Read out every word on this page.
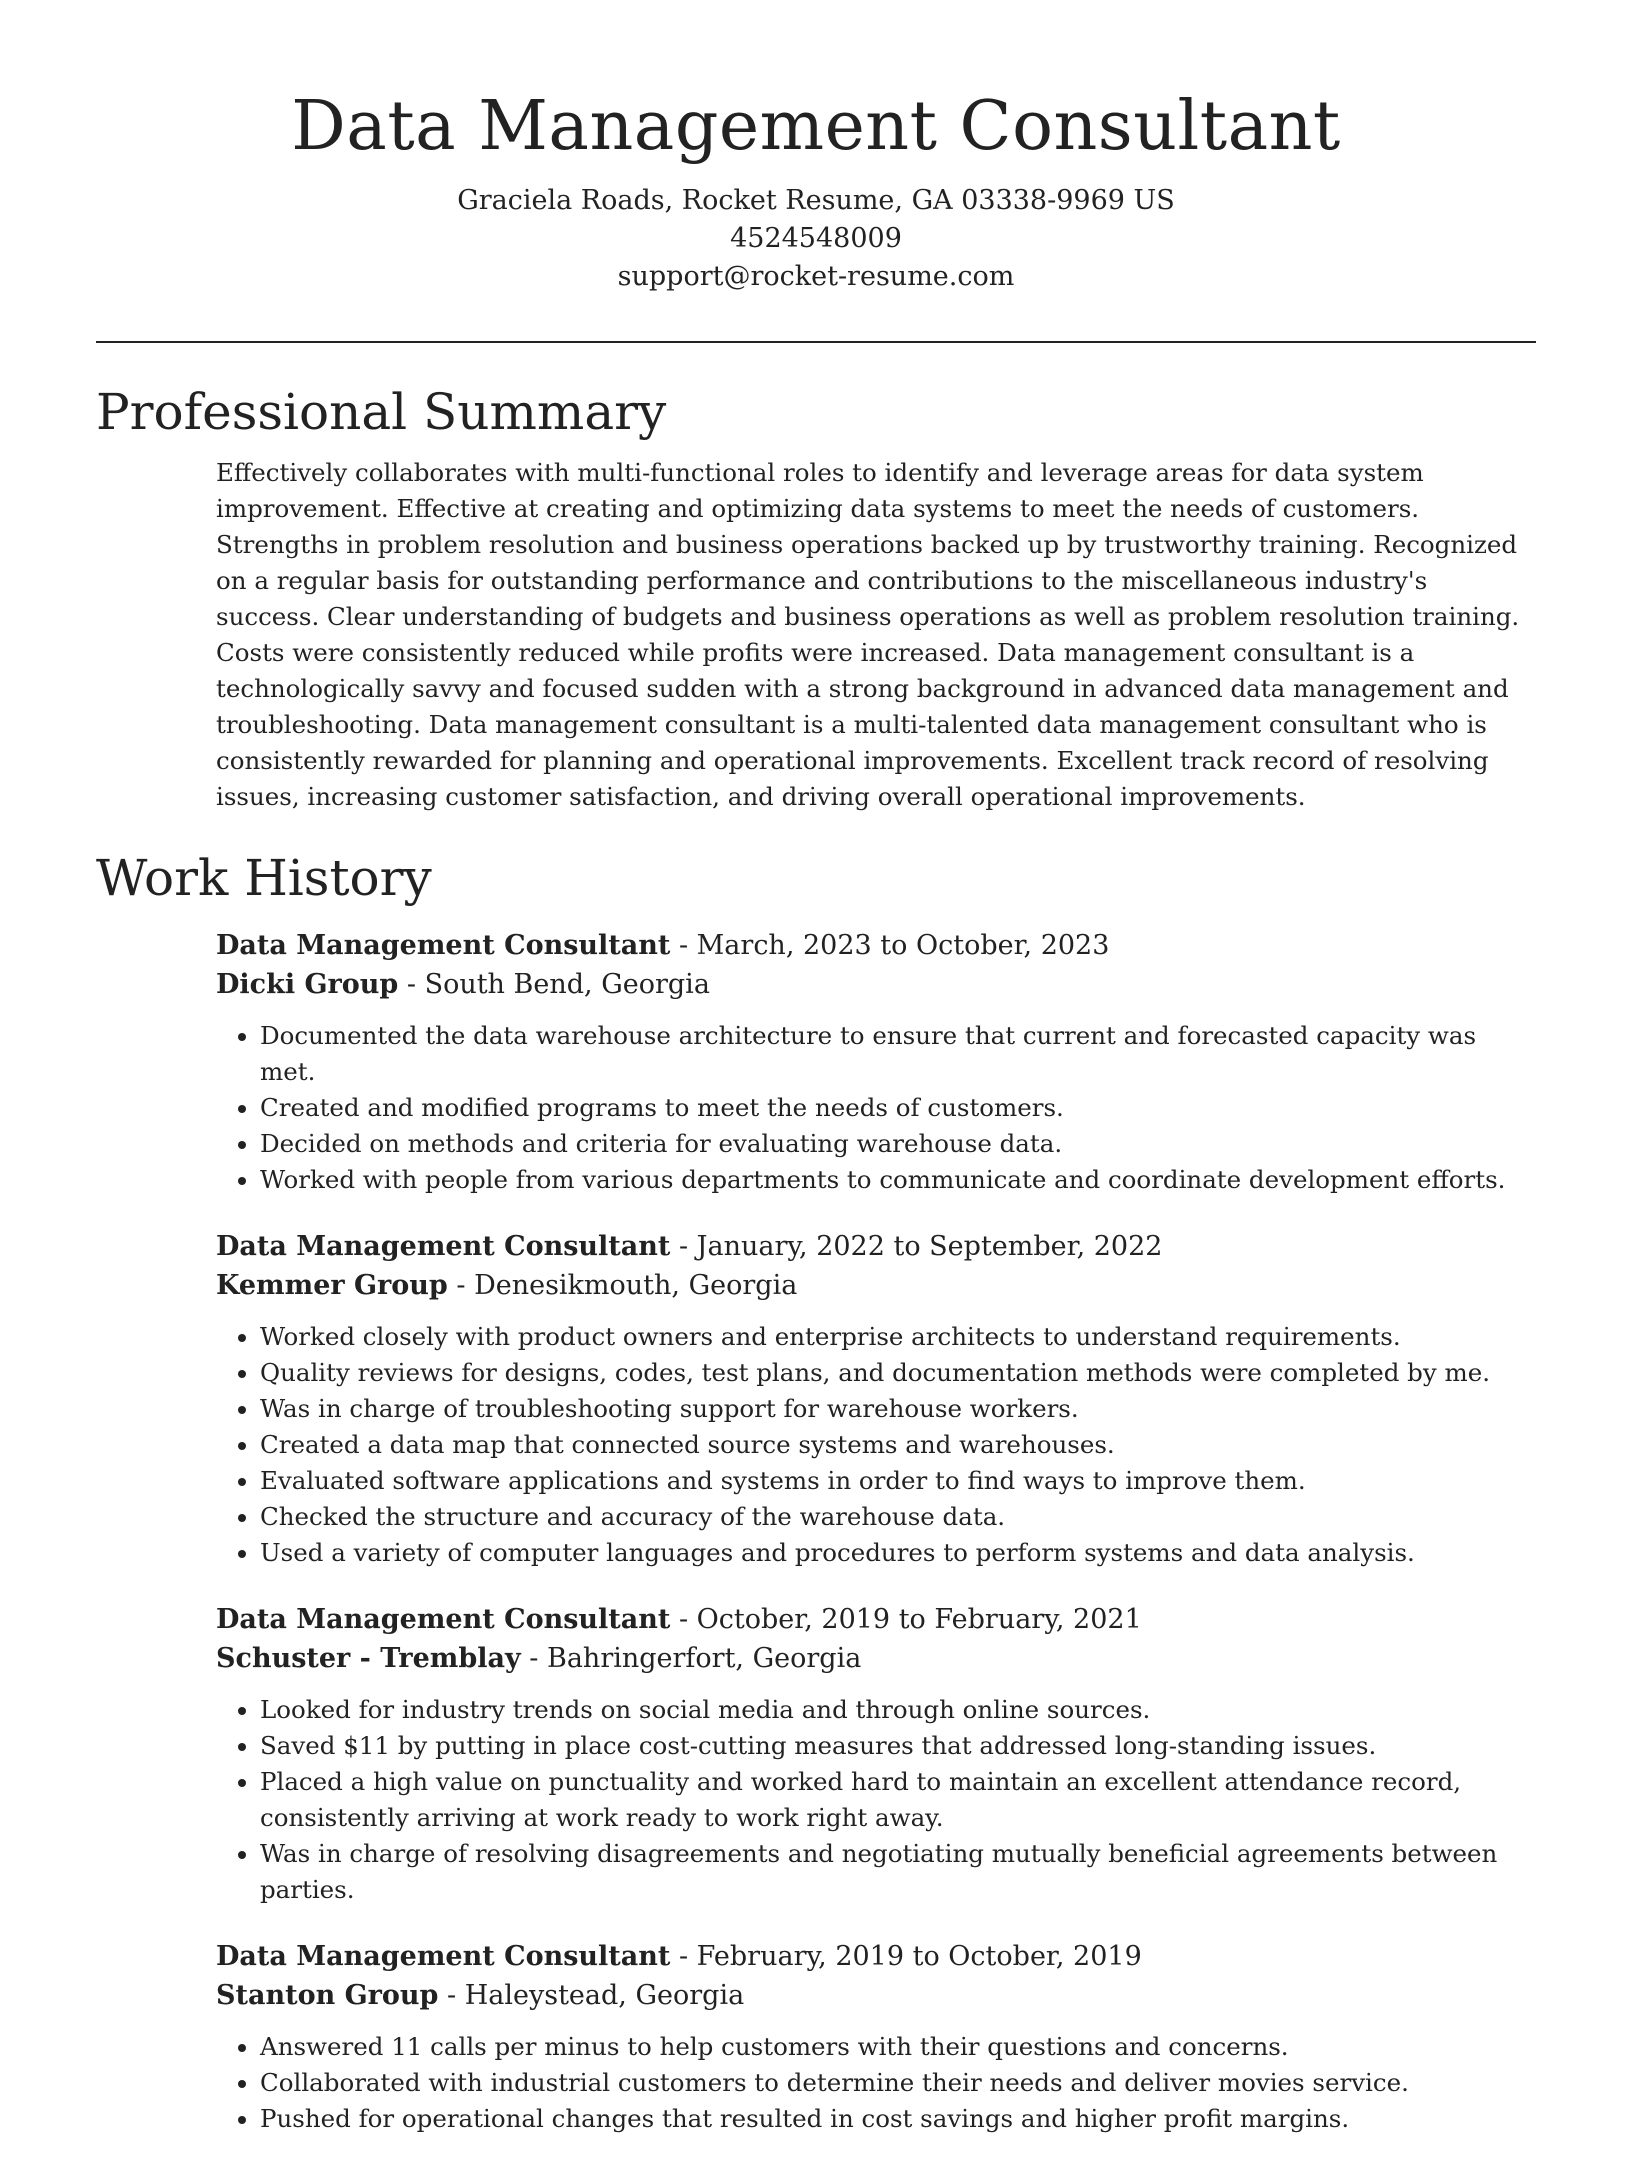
Data Management Consultant
Graciela Roads, Rocket Resume, GA 03338-9969 US
4524548009
support@rocket-resume.com
Professional Summary

Effectively collaborates with multi-functional roles to identify and leverage areas for data system improvement. Effective at creating and optimizing data systems to meet the needs of customers. Strengths in problem resolution and business operations backed up by trustworthy training. Recognized on a regular basis for outstanding performance and contributions to the miscellaneous industry's success. Clear understanding of budgets and business operations as well as problem resolution training. Costs were consistently reduced while profits were increased. Data management consultant is a technologically savvy and focused sudden with a strong background in advanced data management and troubleshooting. Data management consultant is a multi-talented data management consultant who is consistently rewarded for planning and operational improvements. Excellent track record of resolving issues, increasing customer satisfaction, and driving overall operational improvements.

Work History
Data Management Consultant - March, 2023 to October, 2023
Dicki Group - South Bend, Georgia
• Documented the data warehouse architecture to ensure that current and forecasted capacity was met.
• Created and modified programs to meet the needs of customers.
• Decided on methods and criteria for evaluating warehouse data.
• Worked with people from various departments to communicate and coordinate development efforts.
Data Management Consultant - January, 2022 to September, 2022
Kemmer Group - Denesikmouth, Georgia
• Worked closely with product owners and enterprise architects to understand requirements.
• Quality reviews for designs, codes, test plans, and documentation methods were completed by me.
• Was in charge of troubleshooting support for warehouse workers.
• Created a data map that connected source systems and warehouses.
• Evaluated software applications and systems in order to find ways to improve them.
• Checked the structure and accuracy of the warehouse data.
• Used a variety of computer languages and procedures to perform systems and data analysis.
Data Management Consultant - October, 2019 to February, 2021
Schuster - Tremblay - Bahringerfort, Georgia
• Looked for industry trends on social media and through online sources.
• Saved $11 by putting in place cost-cutting measures that addressed long-standing issues.
• Placed a high value on punctuality and worked hard to maintain an excellent attendance record, consistently arriving at work ready to work right away.
• Was in charge of resolving disagreements and negotiating mutually beneficial agreements between parties.
Data Management Consultant - February, 2019 to October, 2019
Stanton Group - Haleystead, Georgia
• Answered 11 calls per minus to help customers with their questions and concerns.
• Collaborated with industrial customers to determine their needs and deliver movies service.
• Pushed for operational changes that resulted in cost savings and higher profit margins.
